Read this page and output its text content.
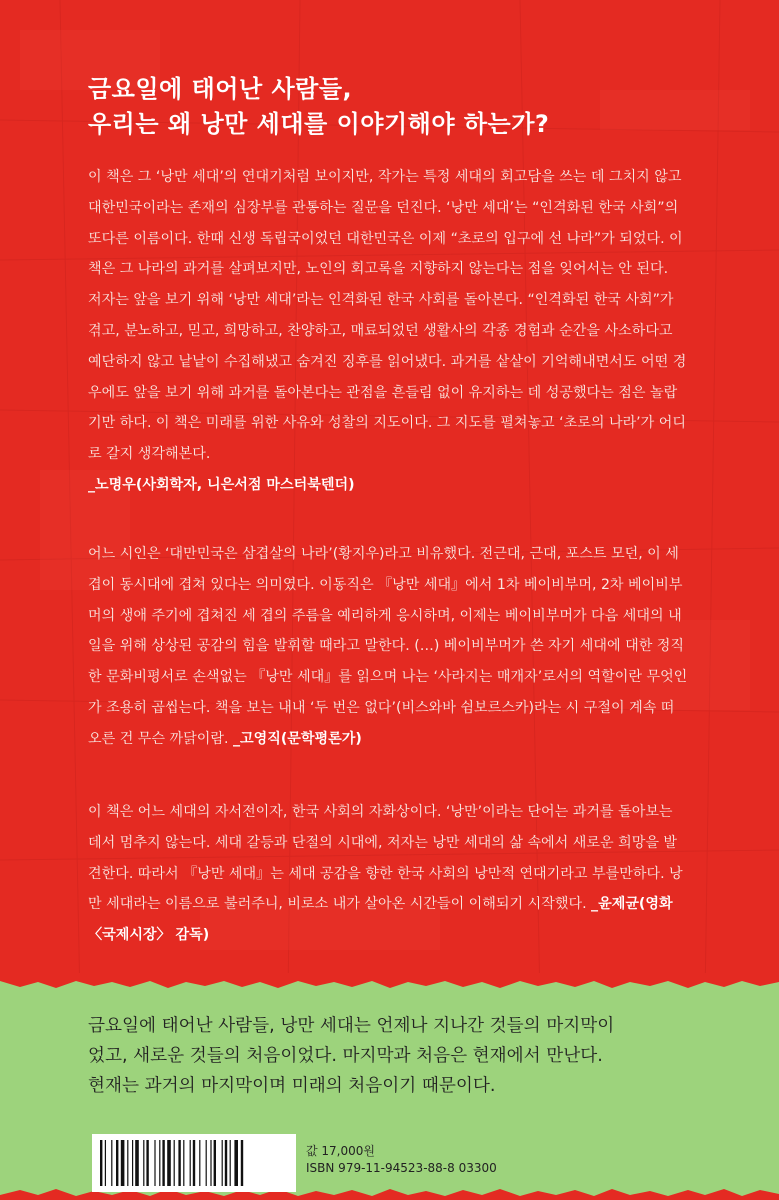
금요일에 태어난 사람들,
우리는 왜 낭만 세대를 이야기해야 하는가?

이 책은 그 ‘낭만 세대’의 연대기처럼 보이지만, 작가는 특정 세대의 회고담을 쓰는 데 그치지 않고 대한민국이라는 존재의 심장부를 관통하는 질문을 던진다. ‘낭만 세대’는 “인격화된 한국 사회”의 또다른 이름이다. 한때 신생 독립국이었던 대한민국은 이제 “초로의 입구에 선 나라”가 되었다. 이 책은 그 나라의 과거를 살펴보지만, 노인의 회고록을 지향하지 않는다는 점을 잊어서는 안 된다.

저자는 앞을 보기 위해 ‘낭만 세대’라는 인격화된 한국 사회를 돌아본다. “인격화된 한국 사회”가 겪고, 분노하고, 믿고, 희망하고, 찬양하고, 매료되었던 생활사의 각종 경험과 순간을 사소하다고 예단하지 않고 낱낱이 수집해냈고 숨겨진 징후를 읽어냈다. 과거를 샅샅이 기억해내면서도 어떤 경우에도 앞을 보기 위해 과거를 돌아본다는 관점을 흔들림 없이 유지하는 데 성공했다는 점은 놀랍기만 하다. 이 책은 미래를 위한 사유와 성찰의 지도이다. 그 지도를 펼쳐놓고 ‘초로의 나라’가 어디로 갈지 생각해본다.

_노명우(사회학자, 니은서점 마스터북텐더)

어느 시인은 ‘대만민국은 삼겹살의 나라’(황지우)라고 비유했다. 전근대, 근대, 포스트 모던, 이 세 겹이 동시대에 겹쳐 있다는 의미였다. 이동직은 『낭만 세대』에서 1차 베이비부머, 2차 베이비부머의 생애 주기에 겹쳐진 세 겹의 주름을 예리하게 응시하며, 이제는 베이비부머가 다음 세대의 내일을 위해 상상된 공감의 힘을 발휘할 때라고 말한다. (…) 베이비부머가 쓴 자기 세대에 대한 정직한 문화비평서로 손색없는 『낭만 세대』를 읽으며 나는 ‘사라지는 매개자’로서의 역할이란 무엇인가 조용히 곱씹는다. 책을 보는 내내 ‘두 번은 없다’(비스와바 쉼보르스카)라는 시 구절이 계속 떠오른 건 무슨 까닭이람. _고영직(문학평론가)

이 책은 어느 세대의 자서전이자, 한국 사회의 자화상이다. ‘낭만’이라는 단어는 과거를 돌아보는 데서 멈추지 않는다. 세대 갈등과 단절의 시대에, 저자는 낭만 세대의 삶 속에서 새로운 희망을 발견한다. 따라서 『낭만 세대』는 세대 공감을 향한 한국 사회의 낭만적 연대기라고 부를만하다. 낭만 세대라는 이름으로 불러주니, 비로소 내가 살아온 시간들이 이해되기 시작했다. _윤제균(영화 〈국제시장〉 감독)

금요일에 태어난 사람들, 낭만 세대는 언제나 지나간 것들의 마지막이
었고, 새로운 것들의 처음이었다. 마지막과 처음은 현재에서 만난다.
현재는 과거의 마지막이며 미래의 처음이기 때문이다.

값 17,000원
ISBN 979-11-94523-88-8 03300
